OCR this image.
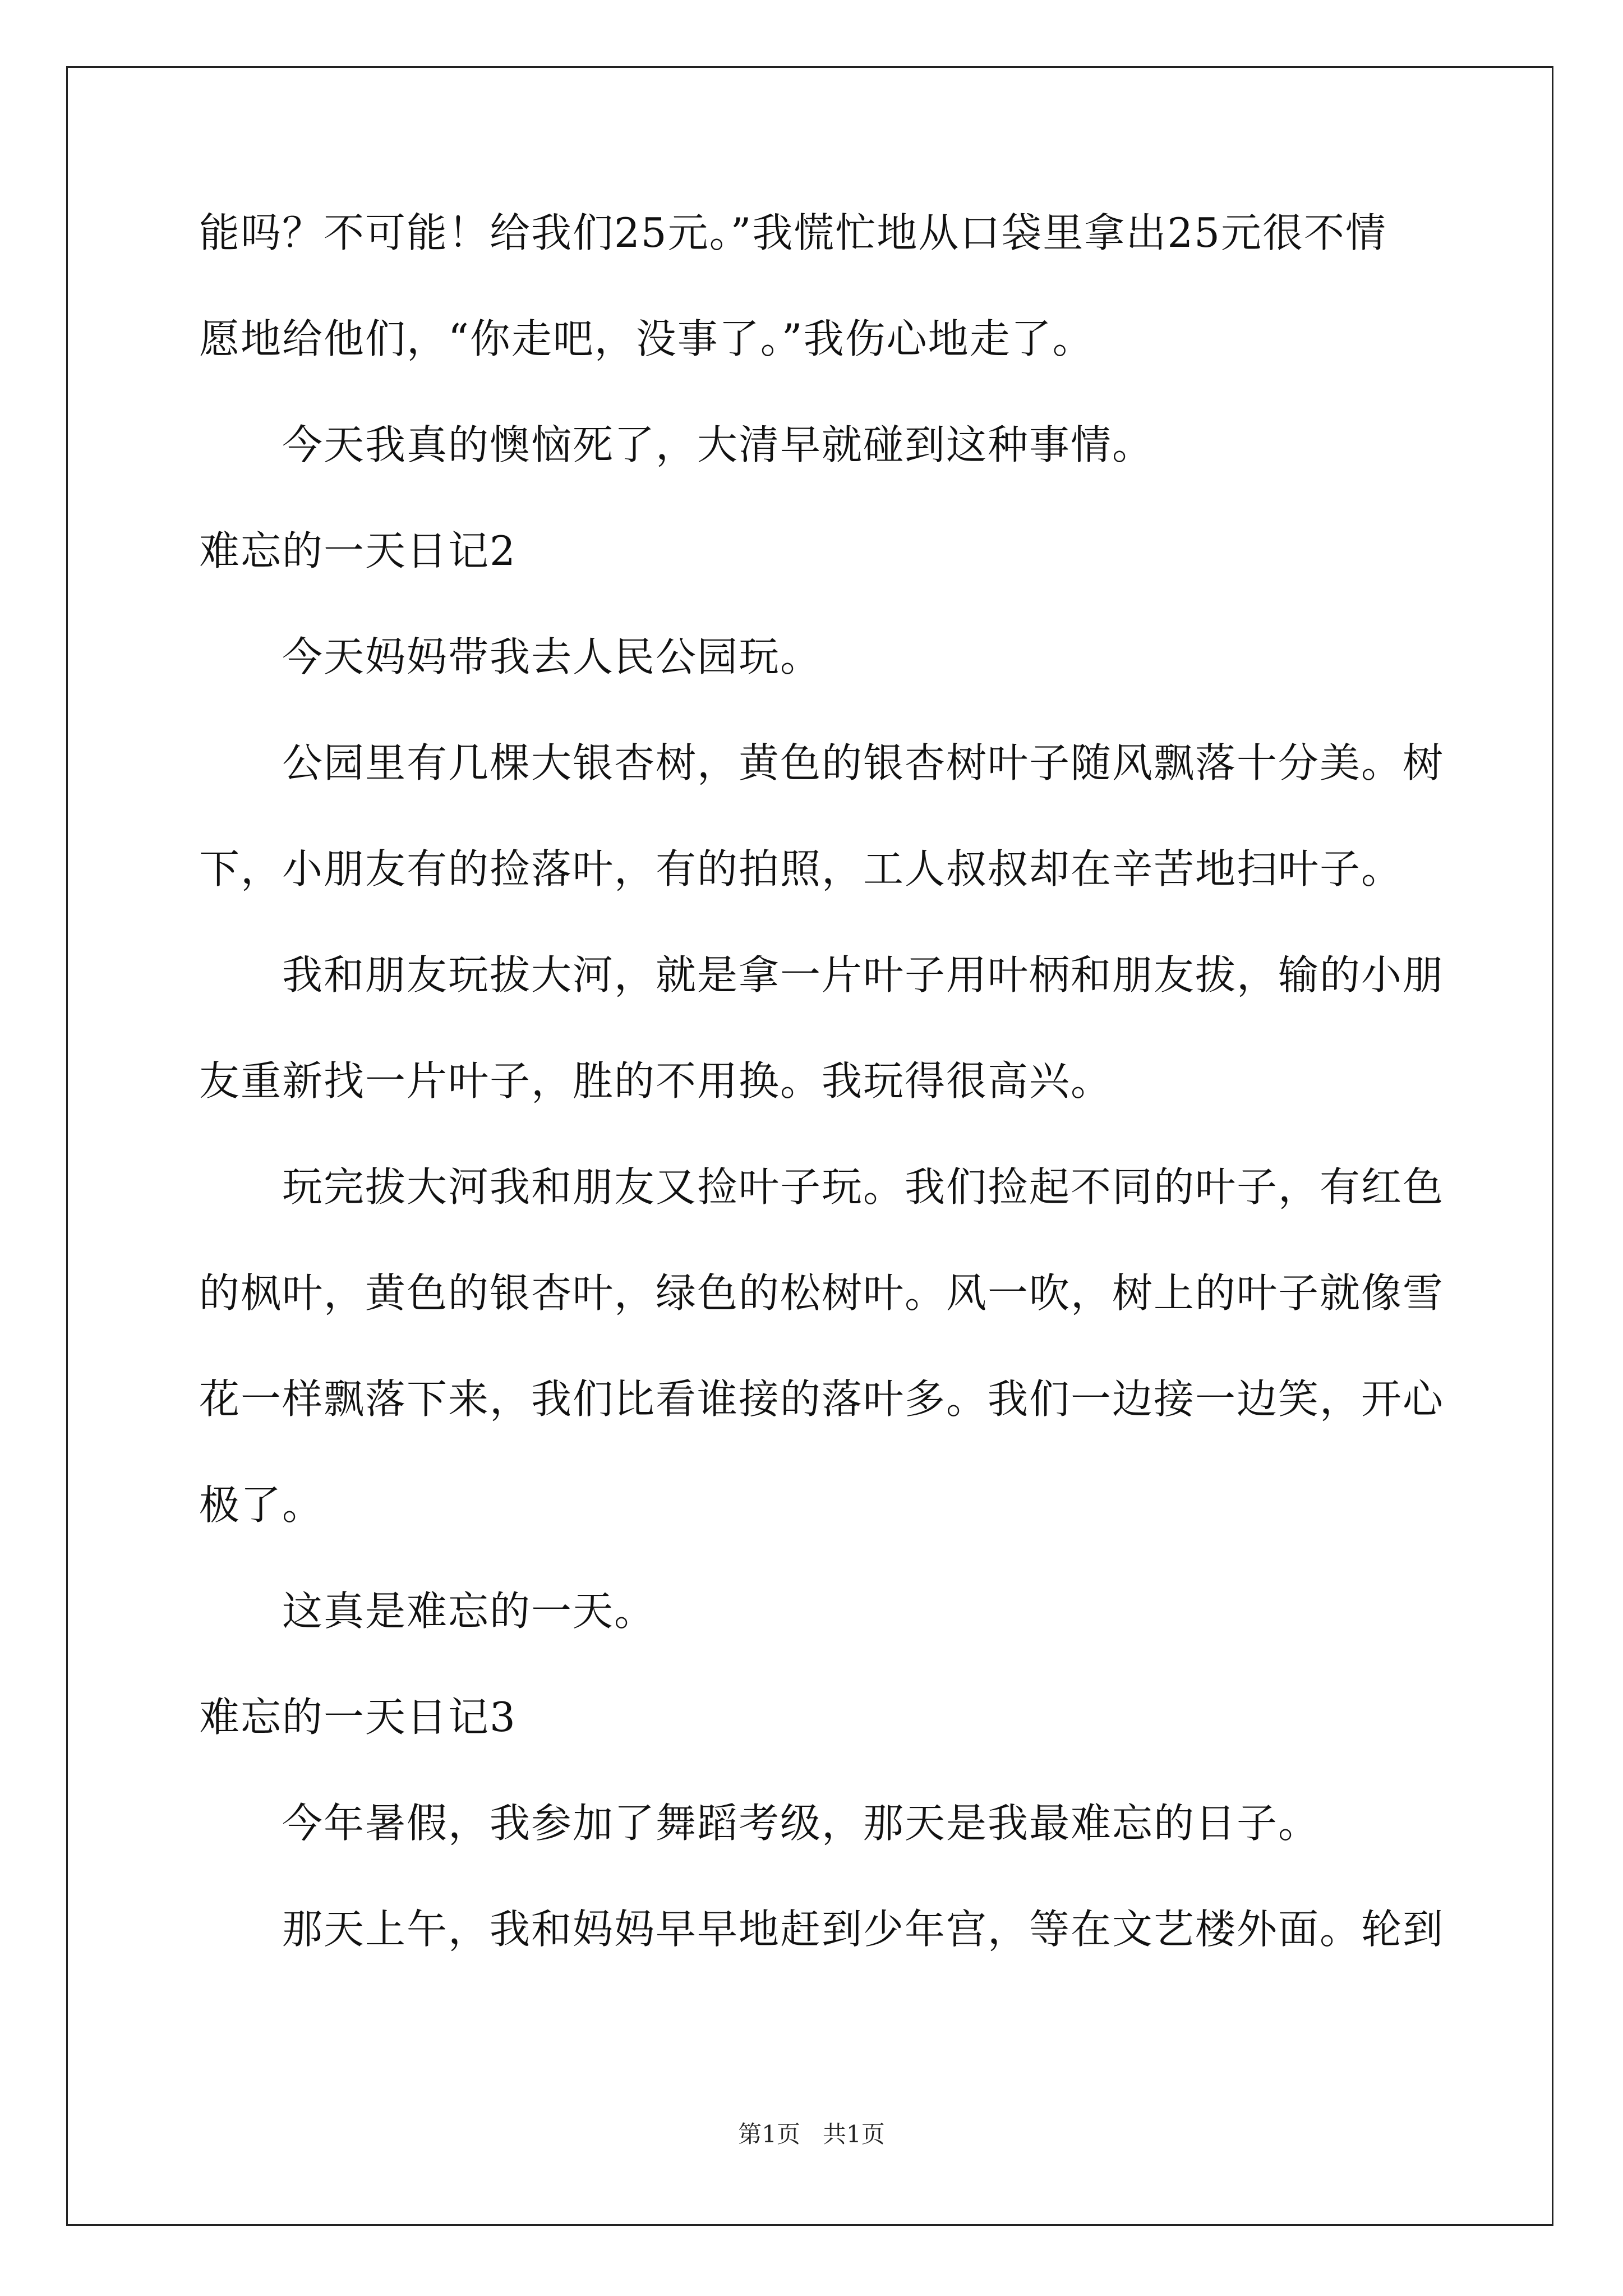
能吗？不可能！给我们25元。”我慌忙地从口袋里拿出25元很不情
愿地给他们，“你走吧，没事了。”我伤心地走了。
今天我真的懊恼死了，大清早就碰到这种事情。
难忘的一天日记2
今天妈妈带我去人民公园玩。
公园里有几棵大银杏树，黄色的银杏树叶子随风飘落十分美。树
下，小朋友有的捡落叶，有的拍照，工人叔叔却在辛苦地扫叶子。
我和朋友玩拔大河，就是拿一片叶子用叶柄和朋友拔，输的小朋
友重新找一片叶子，胜的不用换。我玩得很高兴。
玩完拔大河我和朋友又捡叶子玩。我们捡起不同的叶子，有红色
的枫叶，黄色的银杏叶，绿色的松树叶。风一吹，树上的叶子就像雪
花一样飘落下来，我们比看谁接的落叶多。我们一边接一边笑，开心
极了。
这真是难忘的一天。
难忘的一天日记3
今年暑假，我参加了舞蹈考级，那天是我最难忘的日子。
那天上午，我和妈妈早早地赶到少年宫，等在文艺楼外面。轮到
第1页   共1页
